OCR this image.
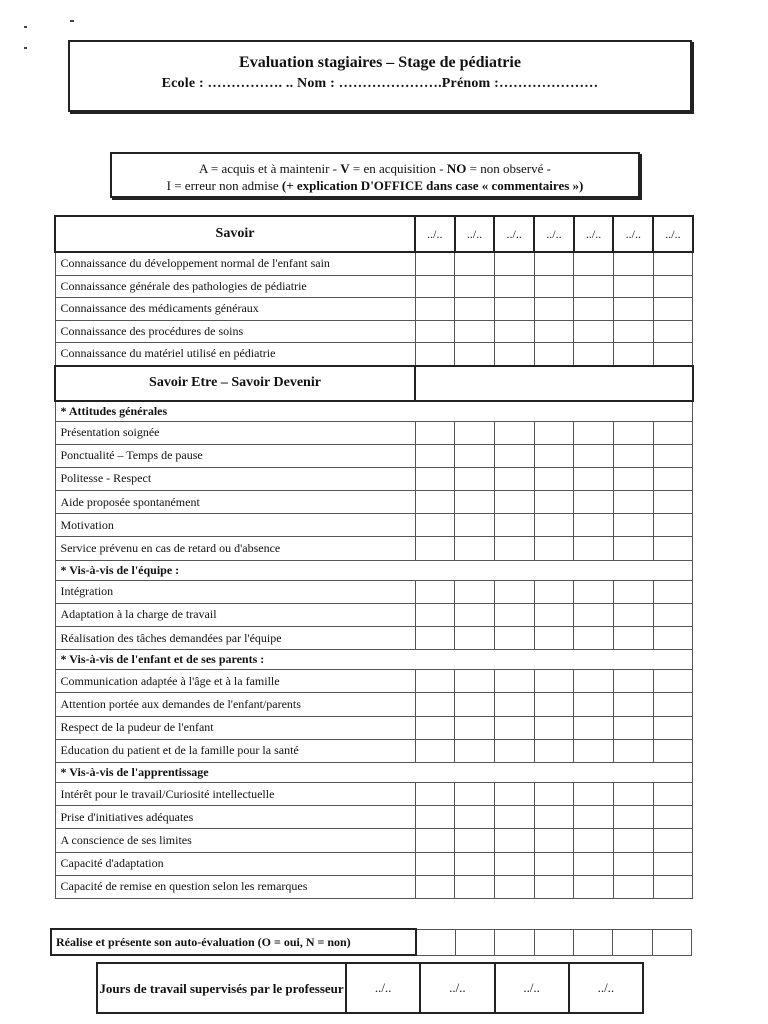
Evaluation stagiaires – Stage de pédiatrie
Ecole : ……………. .. Nom : ………………….Prénom :…………………
A = acquis et à maintenir - V = en acquisition - NO = non observé -
I = erreur non admise (+ explication D'OFFICE dans case « commentaires »)
Savoir	../..	../..	../..	../..	../..	../..	../..
Connaissance du développement normal de l'enfant sain							
Connaissance générale des pathologies de pédiatrie							
Connaissance des médicaments généraux							
Connaissance des procédures de soins							
Connaissance du matériel utilisé en pédiatrie							
Savoir Etre – Savoir Devenir							
* Attitudes générales							
Présentation soignée							
Ponctualité – Temps de pause							
Politesse - Respect							
Aide proposée spontanément							
Motivation							
Service prévenu en cas de retard ou d'absence							
* Vis-à-vis de l'équipe :							
Intégration							
Adaptation à la charge de travail							
Réalisation des tâches demandées par l'équipe							
* Vis-à-vis de l'enfant et de ses parents :							
Communication adaptée à l'âge et à la famille							
Attention portée aux demandes de l'enfant/parents							
Respect de la pudeur de l'enfant							
Education du patient et de la famille pour la santé							
* Vis-à-vis de l'apprentissage							
Intérêt pour le travail/Curiosité intellectuelle							
Prise d'initiatives adéquates							
A conscience de ses limites							
Capacité d'adaptation							
Capacité de remise en question selon les remarques							
Réalise et présente son auto-évaluation (O = oui, N = non)							
Jours de travail supervisés par le professeur	../..	../..	../..	../..
